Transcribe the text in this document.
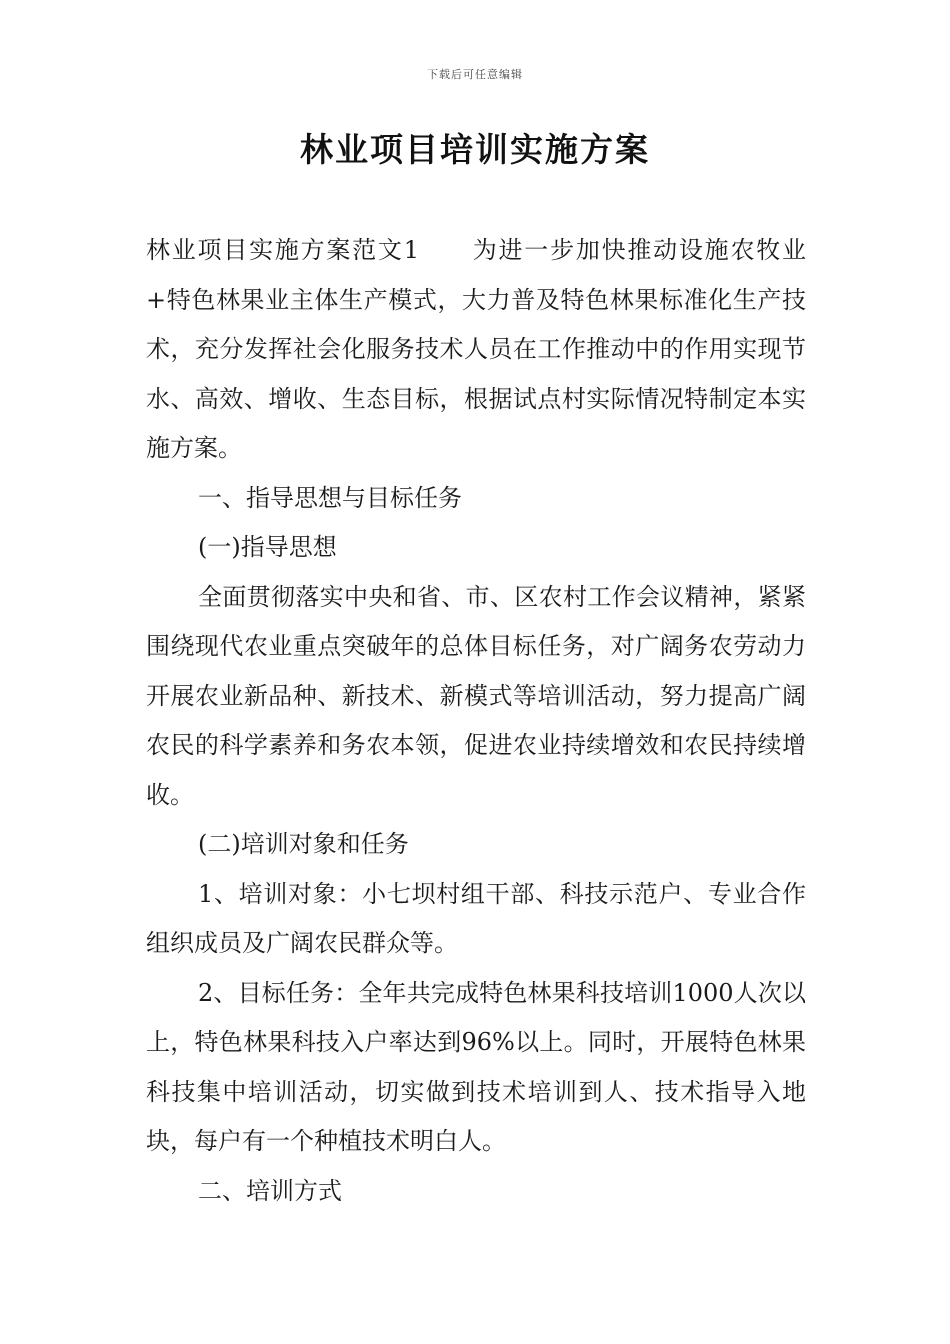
下载后可任意编辑
林业项目培训实施方案

林业项目实施方案范文1 为进一步加快推动设施农牧业+特色林果业主体生产模式，大力普及特色林果标准化生产技术，充分发挥社会化服务技术人员在工作推动中的作用实现节水、高效、增收、生态目标，根据试点村实际情况特制定本实施方案。

一、指导思想与目标任务

(一)指导思想

全面贯彻落实中央和省、市、区农村工作会议精神，紧紧围绕现代农业重点突破年的总体目标任务，对广阔务农劳动力开展农业新品种、新技术、新模式等培训活动，努力提高广阔农民的科学素养和务农本领，促进农业持续增效和农民持续增收。

(二)培训对象和任务

1、培训对象：小七坝村组干部、科技示范户、专业合作组织成员及广阔农民群众等。

2、目标任务：全年共完成特色林果科技培训1000人次以上，特色林果科技入户率达到96%以上。同时，开展特色林果科技集中培训活动，切实做到技术培训到人、技术指导入地块，每户有一个种植技术明白人。

二、培训方式
